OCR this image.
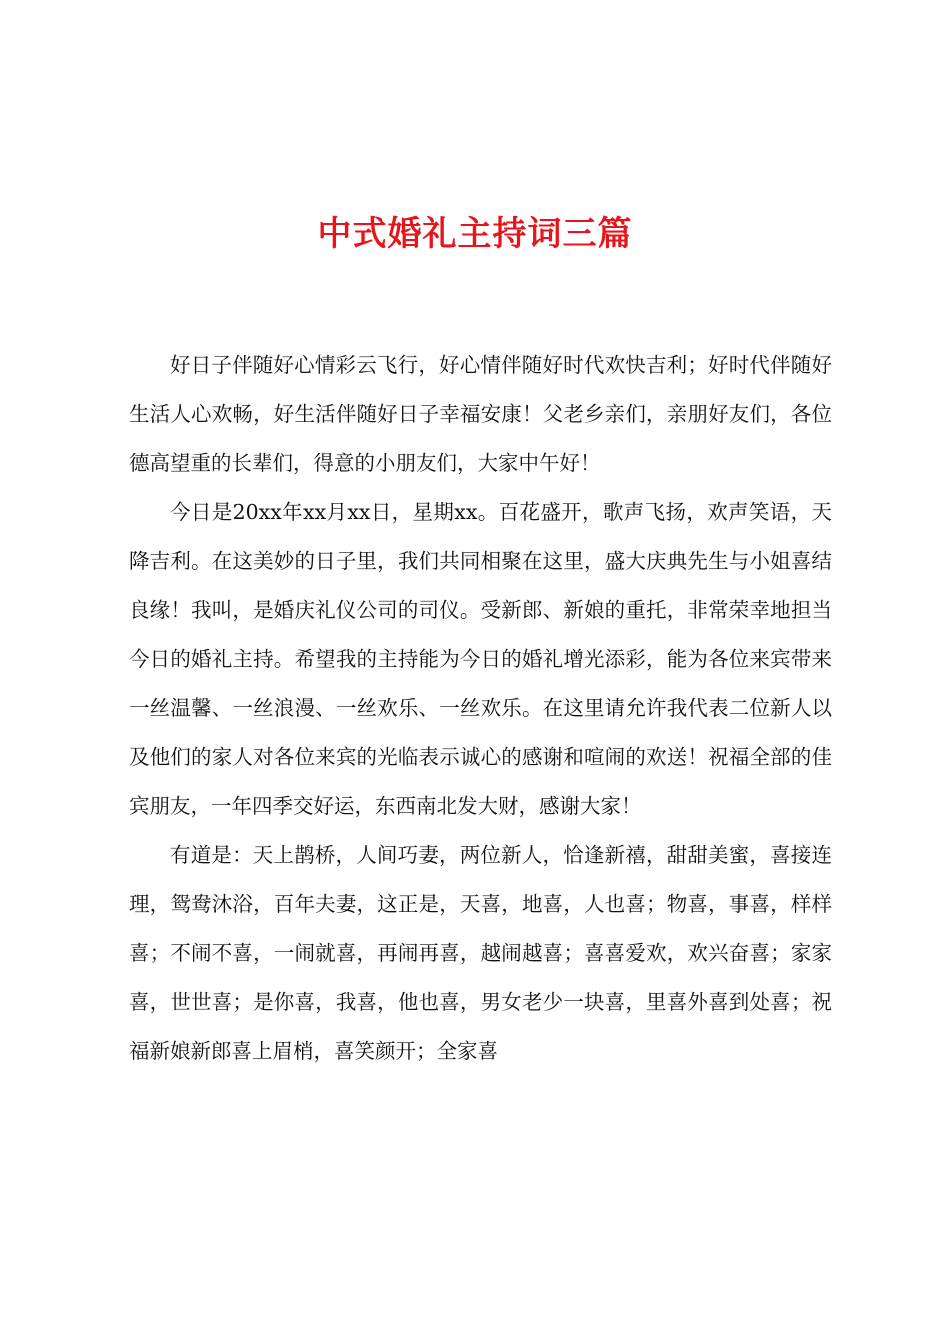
中式婚礼主持词三篇

好日子伴随好心情彩云飞行，好心情伴随好时代欢快吉利；好时代伴随好生活人心欢畅，好生活伴随好日子幸福安康！父老乡亲们，亲朋好友们，各位德高望重的长辈们，得意的小朋友们，大家中午好！

今日是20xx年xx月xx日，星期xx。百花盛开，歌声飞扬，欢声笑语，天降吉利。在这美妙的日子里，我们共同相聚在这里，盛大庆典先生与小姐喜结良缘！我叫，是婚庆礼仪公司的司仪。受新郎、新娘的重托，非常荣幸地担当今日的婚礼主持。希望我的主持能为今日的婚礼增光添彩，能为各位来宾带来一丝温馨、一丝浪漫、一丝欢乐、一丝欢乐。在这里请允许我代表二位新人以及他们的家人对各位来宾的光临表示诚心的感谢和喧闹的欢送！祝福全部的佳宾朋友，一年四季交好运，东西南北发大财，感谢大家！

有道是：天上鹊桥，人间巧妻，两位新人，恰逢新禧，甜甜美蜜，喜接连理，鸳鸯沐浴，百年夫妻，这正是，天喜，地喜，人也喜；物喜，事喜，样样喜；不闹不喜，一闹就喜，再闹再喜，越闹越喜；喜喜爱欢，欢兴奋喜；家家喜，世世喜；是你喜，我喜，他也喜，男女老少一块喜，里喜外喜到处喜；祝福新娘新郎喜上眉梢，喜笑颜开；全家喜
